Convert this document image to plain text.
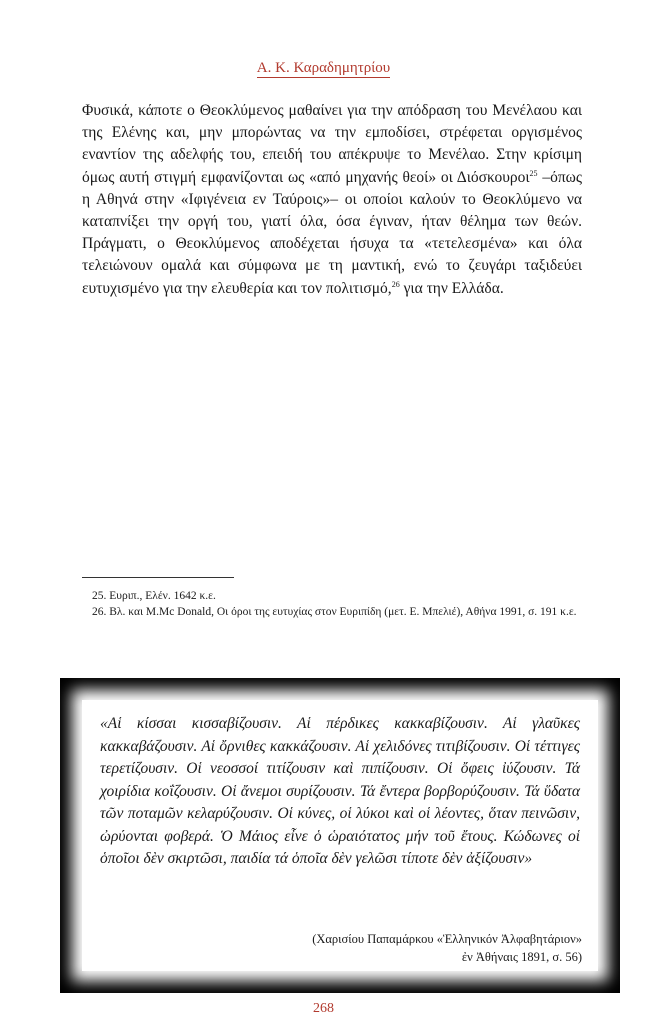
Α. Κ. Καραδημητρίου
Φυσικά, κάποτε ο Θεοκλύμενος μαθαίνει για την απόδραση του Μενέλαου και της Ελένης και, μην μπορώντας να την εμποδίσει, στρέφεται οργισμένος εναντίον της αδελφής του, επειδή του απέκρυψε το Μενέλαο. Στην κρίσιμη όμως αυτή στιγμή εμφανίζονται ως «από μηχανής θεοί» οι Διόσκουροι$^{25}$ –όπως η Αθηνά στην «Ιφιγένεια εν Ταύροις»– οι οποίοι καλούν το Θεοκλύμενο να καταπνίξει την οργή του, γιατί όλα, όσα έγιναν, ήταν θέλημα των θεών. Πράγματι, ο Θεοκλύμενος αποδέχεται ήσυχα τα «τετελεσμένα» και όλα τελειώνουν ομαλά και σύμφωνα με τη μαντική, ενώ το ζευγάρι ταξιδεύει ευτυχισμένο για την ελευθερία και τον πολιτισμό,$^{26}$ για την Ελλάδα.

25. Ευριπ., Ελέν. 1642 κ.ε.

26. Βλ. και M.Mc Donald, Οι όροι της ευτυχίας στον Ευριπίδη (μετ. Ε. Μπελιέ), Αθήνα 1991, σ. 191 κ.ε.

«Αἱ κίσσαι κισσαβίζουσιν. Αἱ πέρδικες κακκαβίζουσιν. Αἱ γλαῦκες κακκαβάζουσιν. Αἱ ὄρνιθες κακκάζουσιν. Αἱ χελιδόνες τιτιβίζουσιν. Οἱ τέττιγες τερετίζουσιν. Οἱ νεοσσοί τιτίζουσιν καὶ πιπίζουσιν. Οἱ ὄφεις ἰύζουσιν. Τά χοιρίδια κοΐζουσιν. Οἱ ἄνεμοι συρίζουσιν. Τά ἔντερα βορβορύζουσιν. Τά ὕδατα τῶν ποταμῶν κελαρύζουσιν. Οἱ κύνες, οἱ λύκοι καὶ οἱ λέοντες, ὅταν πεινῶσιν, ὠρύονται φοβερά. Ὁ Μάιος εἶνε ὁ ὡραιότατος μήν τοῦ ἔτους. Κώδωνες οἱ ὁποῖοι δὲν σκιρτῶσι, παιδία τά ὁποῖα δὲν γελῶσι τίποτε δὲν ἀξίζουσιν»

(Χαρισίου Παπαμάρκου «Ἑλληνικόν Ἀλφαβητάριον»

ἐν Ἀθήναις 1891, σ. 56)

268
